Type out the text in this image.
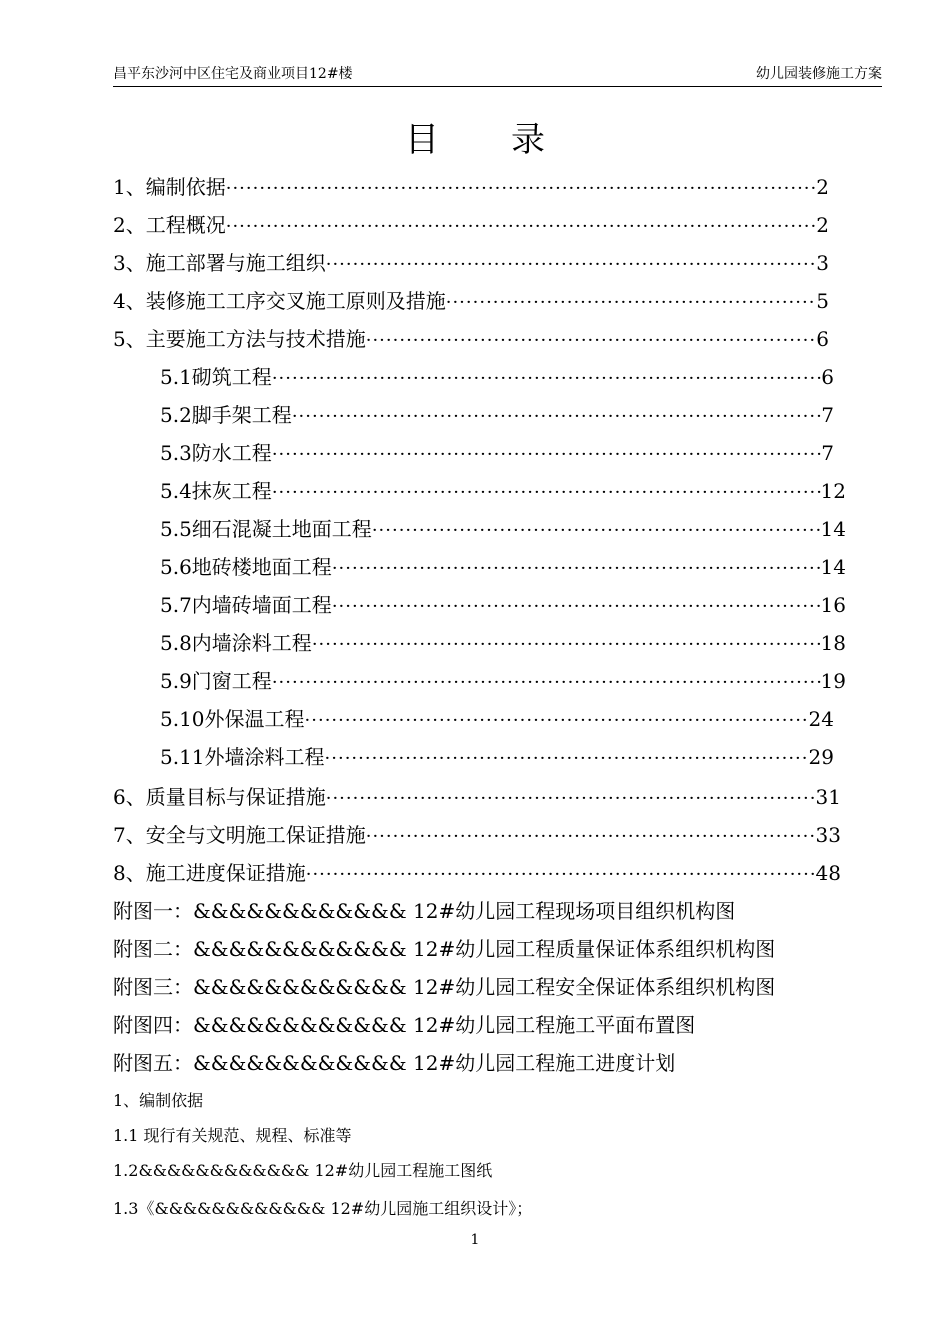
昌平东沙河中区住宅及商业项目12#楼	幼儿园装修施工方案
目录
1、编制依据 ·····	2
2、工程概况 ·····	2
3、施工部署与施工组织 ·····	3
4、装修施工工序交叉施工原则及措施 ·····	5
5、主要施工方法与技术措施 ·····	6
5.1砌筑工程 ·····	6
5.2脚手架工程 ·····	7
5.3防水工程 ·····	7
5.4抹灰工程 ·····	12
5.5细石混凝土地面工程 ·····	14
5.6地砖楼地面工程 ·····	14
5.7内墙砖墙面工程 ·····	16
5.8内墙涂料工程 ·····	18
5.9门窗工程 ·····	19
5.10外保温工程 ·····	24
5.11外墙涂料工程 ·····	29
6、质量目标与保证措施 ·····	31
7、安全与文明施工保证措施 ·····	33
8、施工进度保证措施 ·····	48
附图一：&&&&&&&&&&&& 12#幼儿园工程现场项目组织机构图
附图二：&&&&&&&&&&&& 12#幼儿园工程质量保证体系组织机构图
附图三：&&&&&&&&&&&& 12#幼儿园工程安全保证体系组织机构图
附图四：&&&&&&&&&&&& 12#幼儿园工程施工平面布置图
附图五：&&&&&&&&&&&& 12#幼儿园工程施工进度计划
1、编制依据
1.1 现行有关规范、规程、标准等
1.2&&&&&&&&&&&& 12#幼儿园工程施工图纸
1.3《&&&&&&&&&&&& 12#幼儿园施工组织设计》；
1
